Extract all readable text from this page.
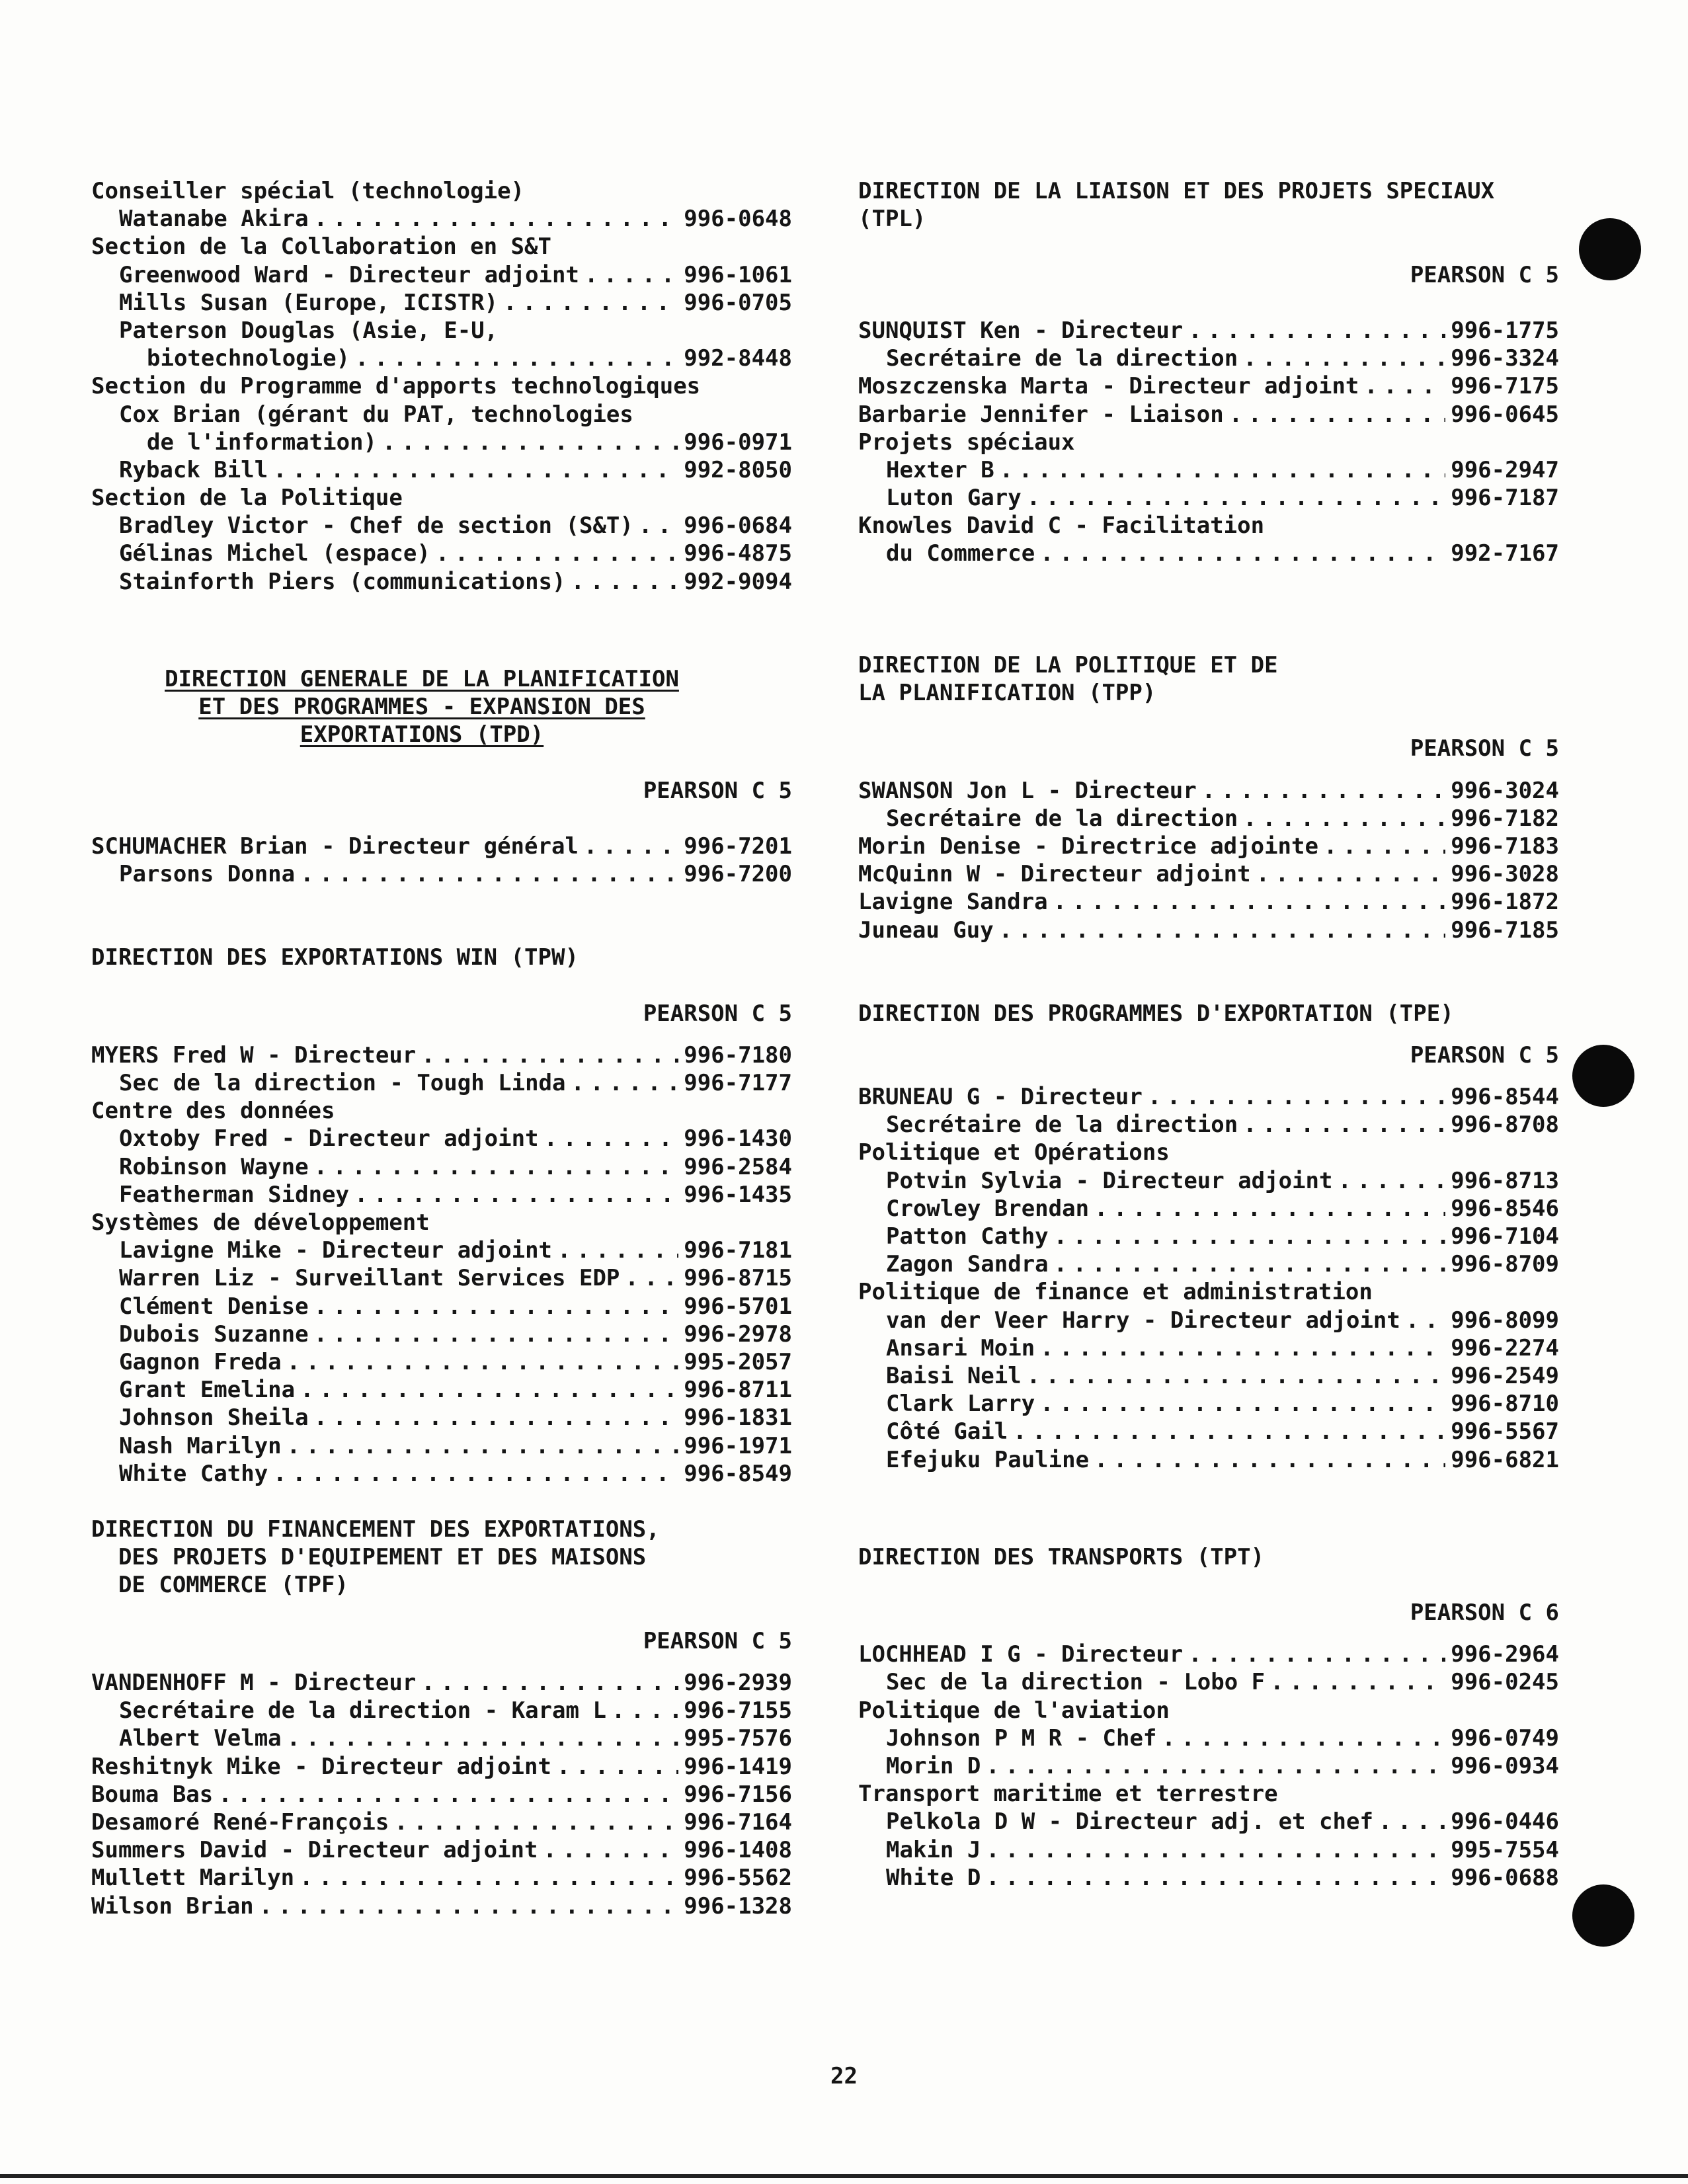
Conseiller spécial (technologie)
Watanabe Akira . . .	996-0648
Section de la Collaboration en S&T
Greenwood Ward - Directeur adjoint . . .	996-1061
Mills Susan (Europe, ICISTR) . . .	996-0705
Paterson Douglas (Asie, E-U,
biotechnologie) . . .	992-8448
Section du Programme d'apports technologiques
Cox Brian (gérant du PAT, technologies
de l'information) . . .	996-0971
Ryback Bill . . .	992-8050
Section de la Politique
Bradley Victor - Chef de section (S&T) . . . 996-0684
Gélinas Michel (espace) . . .	996-4875
Stainforth Piers (communications) . . .	992-9094
DIRECTION GENERALE DE LA PLANIFICATION
ET DES PROGRAMMES - EXPANSION DES
EXPORTATIONS (TPD)
PEARSON C 5
SCHUMACHER Brian - Directeur général . . .	996-7201
Parsons Donna . . .	996-7200
DIRECTION DES EXPORTATIONS WIN (TPW)
PEARSON C 5
MYERS Fred W - Directeur . . .	996-7180
Sec de la direction - Tough Linda . . .	996-7177
Centre des données
Oxtoby Fred - Directeur adjoint . . .	996-1430
Robinson Wayne . . .	996-2584
Featherman Sidney . . .	996-1435
Systèmes de développement
Lavigne Mike - Directeur adjoint . . .	996-7181
Warren Liz - Surveillant Services EDP . . .	996-8715
Clément Denise . . .	996-5701
Dubois Suzanne . . .	996-2978
Gagnon Freda . . .	995-2057
Grant Emelina . . .	996-8711
Johnson Sheila . . .	996-1831
Nash Marilyn . . .	996-1971
White Cathy . . .	996-8549
DIRECTION DU FINANCEMENT DES EXPORTATIONS,
DES PROJETS D'EQUIPEMENT ET DES MAISONS
DE COMMERCE (TPF)
PEARSON C 5
VANDENHOFF M - Directeur . . .	996-2939
Secrétaire de la direction - Karam L . . .	996-7155
Albert Velma . . .	995-7576
Reshitnyk Mike - Directeur adjoint . . .	996-1419
Bouma Bas . . .	996-7156
Desamoré René-François . . .	996-7164
Summers David - Directeur adjoint . . .	996-1408
Mullett Marilyn . . .	996-5562
Wilson Brian . . .	996-1328
DIRECTION DE LA LIAISON ET DES PROJETS SPECIAUX
(TPL)
PEARSON C 5
SUNQUIST Ken - Directeur . . .	996-1775
Secrétaire de la direction . . .	996-3324
Moszczenska Marta - Directeur adjoint . . .	996-7175
Barbarie Jennifer - Liaison . . .	996-0645
Projets spéciaux
Hexter B . . .	996-2947
Luton Gary . . .	996-7187
Knowles David C - Facilitation
du Commerce . . .	992-7167
DIRECTION DE LA POLITIQUE ET DE
LA PLANIFICATION (TPP)
PEARSON C 5
SWANSON Jon L - Directeur . . .	996-3024
Secrétaire de la direction . . .	996-7182
Morin Denise - Directrice adjointe . . .	996-7183
McQuinn W - Directeur adjoint . . .	996-3028
Lavigne Sandra . . .	996-1872
Juneau Guy . . .	996-7185
DIRECTION DES PROGRAMMES D'EXPORTATION (TPE)
PEARSON C 5
BRUNEAU G - Directeur . . .	996-8544
Secrétaire de la direction . . .	996-8708
Politique et Opérations
Potvin Sylvia - Directeur adjoint . . .	996-8713
Crowley Brendan . . .	996-8546
Patton Cathy . . .	996-7104
Zagon Sandra . . .	996-8709
Politique de finance et administration
van der Veer Harry - Directeur adjoint . . . 996-8099
Ansari Moin . . .	996-2274
Baisi Neil . . .	996-2549
Clark Larry . . .	996-8710
Côté Gail . . .	996-5567
Efejuku Pauline . . .	996-6821
DIRECTION DES TRANSPORTS (TPT)
PEARSON C 6
LOCHHEAD I G - Directeur . . .	996-2964
Sec de la direction - Lobo F . . .	996-0245
Politique de l'aviation
Johnson P M R - Chef . . .	996-0749
Morin D . . .	996-0934
Transport maritime et terrestre
Pelkola D W - Directeur adj. et chef . . .	996-0446
Makin J . . .	995-7554
White D . . .	996-0688
22
